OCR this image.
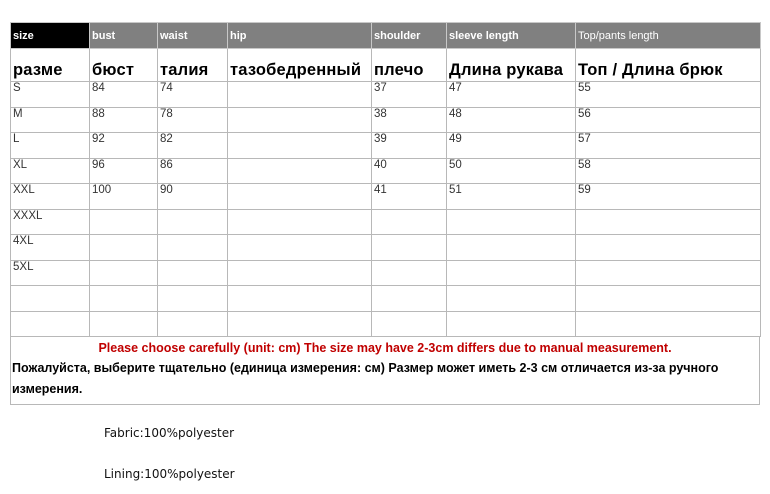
size	bust	waist	hip	shoulder	sleeve length	Top/pants length
разме	бюст	талия	тазобедренный	плечо	Длина рукава	Топ / Длина брюк
S	84	74		37	47	55
M	88	78		38	48	56
L	92	82		39	49	57
XL	96	86		40	50	58
XXL	100	90		41	51	59
XXXL						
4XL						
5XL						

Please choose carefully (unit: cm) The size may have 2-3cm differs due to manual measurement.
Пожалуйста, выберите тщательно (единица измерения: см) Размер может иметь 2-3 см отличается из-за ручного измерения.
Fabric:100%polyester
Lining:100%polyester
